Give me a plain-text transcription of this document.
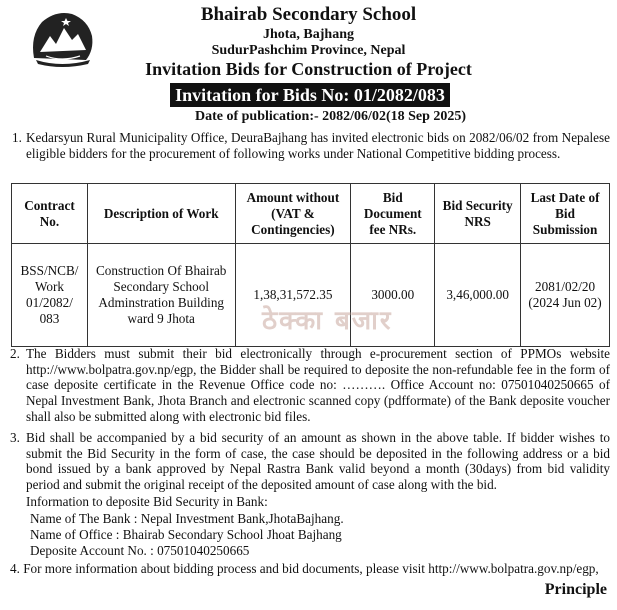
Bhairab Secondary School
Jhota, Bajhang
SudurPashchim Province, Nepal
Invitation Bids for Construction of Project
Invitation for Bids No: 01/2082/083
Date of publication:- 2082/06/02(18 Sep 2025)
1. Kedarsyun Rural Municipality Office, DeuraBajhang has invited electronic bids on 2082/06/02 from Nepalese eligible bidders for the procurement of following works under National Competitive bidding process.
Contract No.	Description of Work	Amount without (VAT & Contingencies)	Bid Document fee NRs.	Bid Security NRS	Last Date of Bid Submission
BSS/NCB/ Work 01/2082/ 083	Construction Of Bhairab Secondary School Adminstration Building ward 9 Jhota	1,38,31,572.35	3000.00	3,46,000.00	2081/02/20 (2024 Jun 02)
ठेक्का बजार
2. The Bidders must submit their bid electronically through e-procurement section of PPMOs website http://www.bolpatra.gov.np/egp, the Bidder shall be required to deposite the non-refundable fee in the form of case deposite certificate in the Revenue Office code no: ………. Office Account no: 07501040250665 of Nepal Investment Bank, Jhota Branch and electronic scanned copy (pdfformate) of the Bank deposite voucher shall also be submitted along with electronic bid files.
3. Bid shall be accompanied by a bid security of an amount as shown in the above table. If bidder wishes to submit the Bid Security in the form of case, the case should be deposited in the following address or a bid bond issued by a bank approved by Nepal Rastra Bank valid beyond a month (30days) from bid validity period and submit the original receipt of the deposited amount of case along with the bid.
Information to deposite Bid Security in Bank:
Name of The Bank : Nepal Investment Bank,JhotaBajhang.
Name of Office : Bhairab Secondary School Jhoat Bajhang
Deposite Account No. : 07501040250665
4. For more information about bidding process and bid documents, please visit http://www.bolpatra.gov.np/egp,
Principle
